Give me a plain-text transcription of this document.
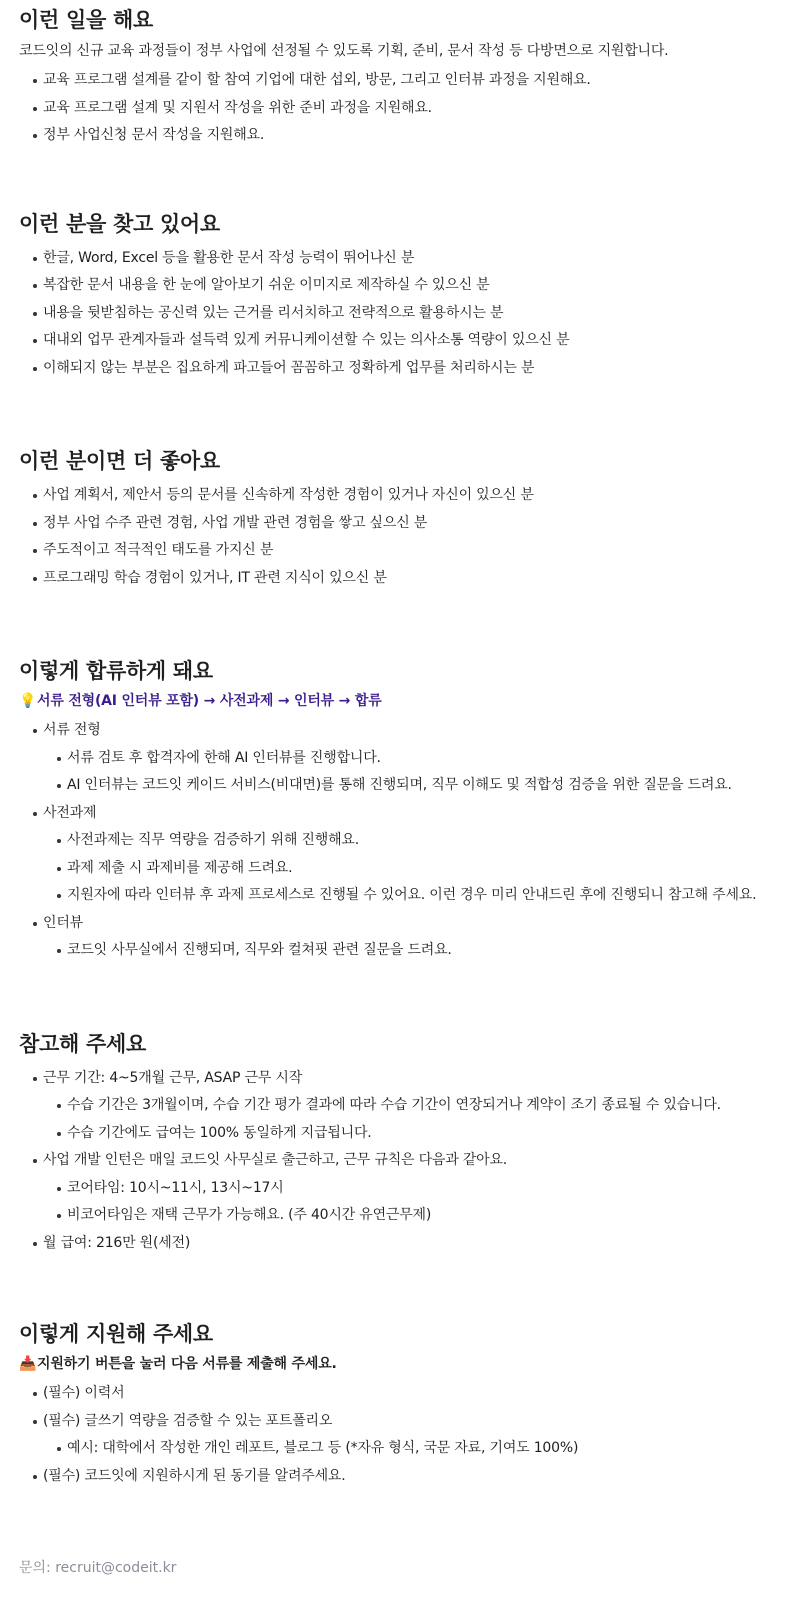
이런 일을 해요

코드잇의 신규 교육 과정들이 정부 사업에 선정될 수 있도록 기획, 준비, 문서 작성 등 다방면으로 지원합니다.

교육 프로그램 설계를 같이 할 참여 기업에 대한 섭외, 방문, 그리고 인터뷰 과정을 지원해요.
교육 프로그램 설계 및 지원서 작성을 위한 준비 과정을 지원해요.
정부 사업신청 문서 작성을 지원해요.
이런 분을 찾고 있어요
한글, Word, Excel 등을 활용한 문서 작성 능력이 뛰어나신 분
복잡한 문서 내용을 한 눈에 알아보기 쉬운 이미지로 제작하실 수 있으신 분
내용을 뒷받침하는 공신력 있는 근거를 리서치하고 전략적으로 활용하시는 분
대내외 업무 관계자들과 설득력 있게 커뮤니케이션할 수 있는 의사소통 역량이 있으신 분
이해되지 않는 부분은 집요하게 파고들어 꼼꼼하고 정확하게 업무를 처리하시는 분
이런 분이면 더 좋아요
사업 계획서, 제안서 등의 문서를 신속하게 작성한 경험이 있거나 자신이 있으신 분
정부 사업 수주 관련 경험, 사업 개발 관련 경험을 쌓고 싶으신 분
주도적이고 적극적인 태도를 가지신 분
프로그래밍 학습 경험이 있거나, IT 관련 지식이 있으신 분
이렇게 합류하게 돼요

💡서류 전형(AI 인터뷰 포함) → 사전과제 → 인터뷰 → 합류

서류 전형
서류 검토 후 합격자에 한해 AI 인터뷰를 진행합니다.
AI 인터뷰는 코드잇 케이드 서비스(비대면)를 통해 진행되며, 직무 이해도 및 적합성 검증을 위한 질문을 드려요.
사전과제
사전과제는 직무 역량을 검증하기 위해 진행해요.
과제 제출 시 과제비를 제공해 드려요.
지원자에 따라 인터뷰 후 과제 프로세스로 진행될 수 있어요. 이런 경우 미리 안내드린 후에 진행되니 참고해 주세요.
인터뷰
코드잇 사무실에서 진행되며, 직무와 컬쳐핏 관련 질문을 드려요.
참고해 주세요
근무 기간: 4~5개월 근무, ASAP 근무 시작
수습 기간은 3개월이며, 수습 기간 평가 결과에 따라 수습 기간이 연장되거나 계약이 조기 종료될 수 있습니다.
수습 기간에도 급여는 100% 동일하게 지급됩니다.
사업 개발 인턴은 매일 코드잇 사무실로 출근하고, 근무 규칙은 다음과 같아요.
코어타임: 10시~11시, 13시~17시
비코어타임은 재택 근무가 가능해요. (주 40시간 유연근무제)
월 급여: 216만 원(세전)
이렇게 지원해 주세요

📥지원하기 버튼을 눌러 다음 서류를 제출해 주세요.

(필수) 이력서
(필수) 글쓰기 역량을 검증할 수 있는 포트폴리오
예시: 대학에서 작성한 개인 레포트, 블로그 등 (*자유 형식, 국문 자료, 기여도 100%)
(필수) 코드잇에 지원하시게 된 동기를 알려주세요.
문의: recruit@codeit.kr
